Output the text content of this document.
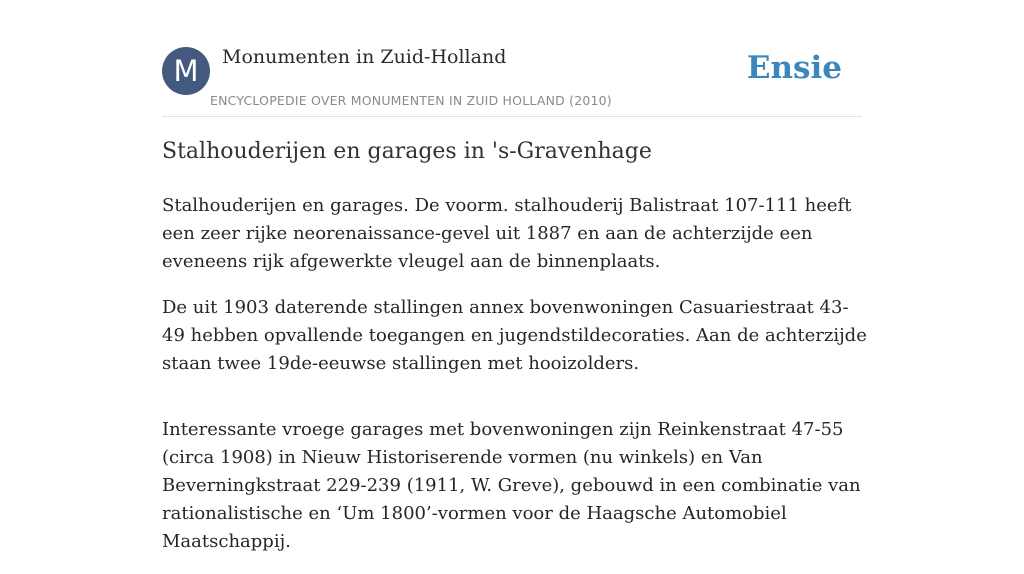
M	Monumenten in Zuid-Holland
ENCYCLOPEDIE OVER MONUMENTEN IN ZUID HOLLAND (2010)
Ensie
Stalhouderijen en garages in 's-Gravenhage

Stalhouderijen en garages. De voorm. stalhouderij Balistraat 107-111 heeft een zeer rijke neorenaissance-gevel uit 1887 en aan de achterzijde een eveneens rijk afgewerkte vleugel aan de binnenplaats.

De uit 1903 daterende stallingen annex bovenwoningen Casuariestraat 43-49 hebben opvallende toegangen en jugendstildecoraties. Aan de achterzijde staan twee 19de-eeuwse stallingen met hooizolders.

Interessante vroege garages met bovenwoningen zijn Reinkenstraat 47-55 (circa 1908) in Nieuw Historiserende vormen (nu winkels) en Van Beverningkstraat 229-239 (1911, W. Greve), gebouwd in een combinatie van rationalistische en ‘Um 1800’-vormen voor de Haagsche Automobiel Maatschappij.
